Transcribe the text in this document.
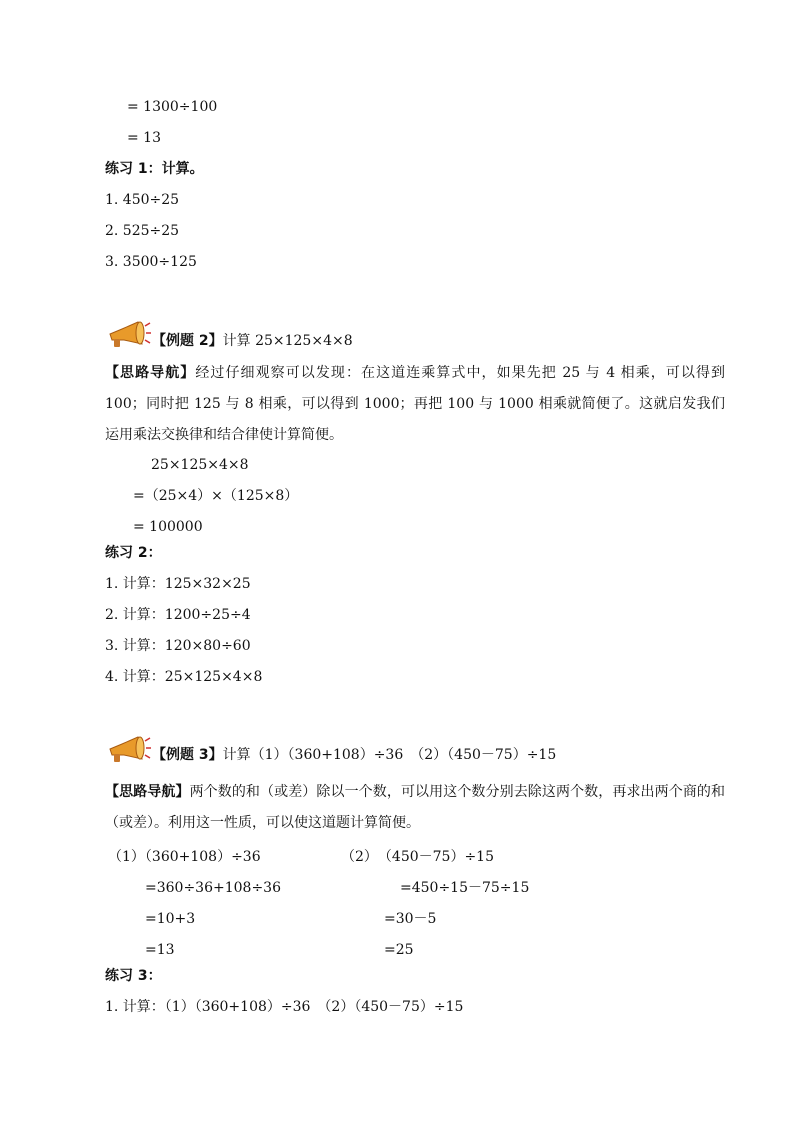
= 1300÷100
= 13
练习 1：计算。
1. 450÷25
2. 525÷25
3. 3500÷125
【例题 2】计算 25×125×4×8
【思路导航】经过仔细观察可以发现：在这道连乘算式中，如果先把 25 与 4 相乘，可以得到 100；同时把 125 与 8 相乘，可以得到 1000；再把 100 与 1000 相乘就简便了。这就启发我们运用乘法交换律和结合律使计算简便。
25×125×4×8
=（25×4）×（125×8）
= 100000
练习 2：
1. 计算：125×32×25
2. 计算：1200÷25÷4
3. 计算：120×80÷60
4. 计算：25×125×4×8
【例题 3】计算（1）（360+108）÷36　（2）（450－75）÷15
【思路导航】两个数的和（或差）除以一个数，可以用这个数分别去除这两个数，再求出两个商的和（或差）。利用这一性质，可以使这道题计算简便。
（1）（360+108）÷36
=360÷36+108÷36
=10+3
=13
（2）　（450－75）÷15
=450÷15－75÷15
=30－5
=25
练习 3：
1. 计算：（1）（360+108）÷36　（2）（450－75）÷15
